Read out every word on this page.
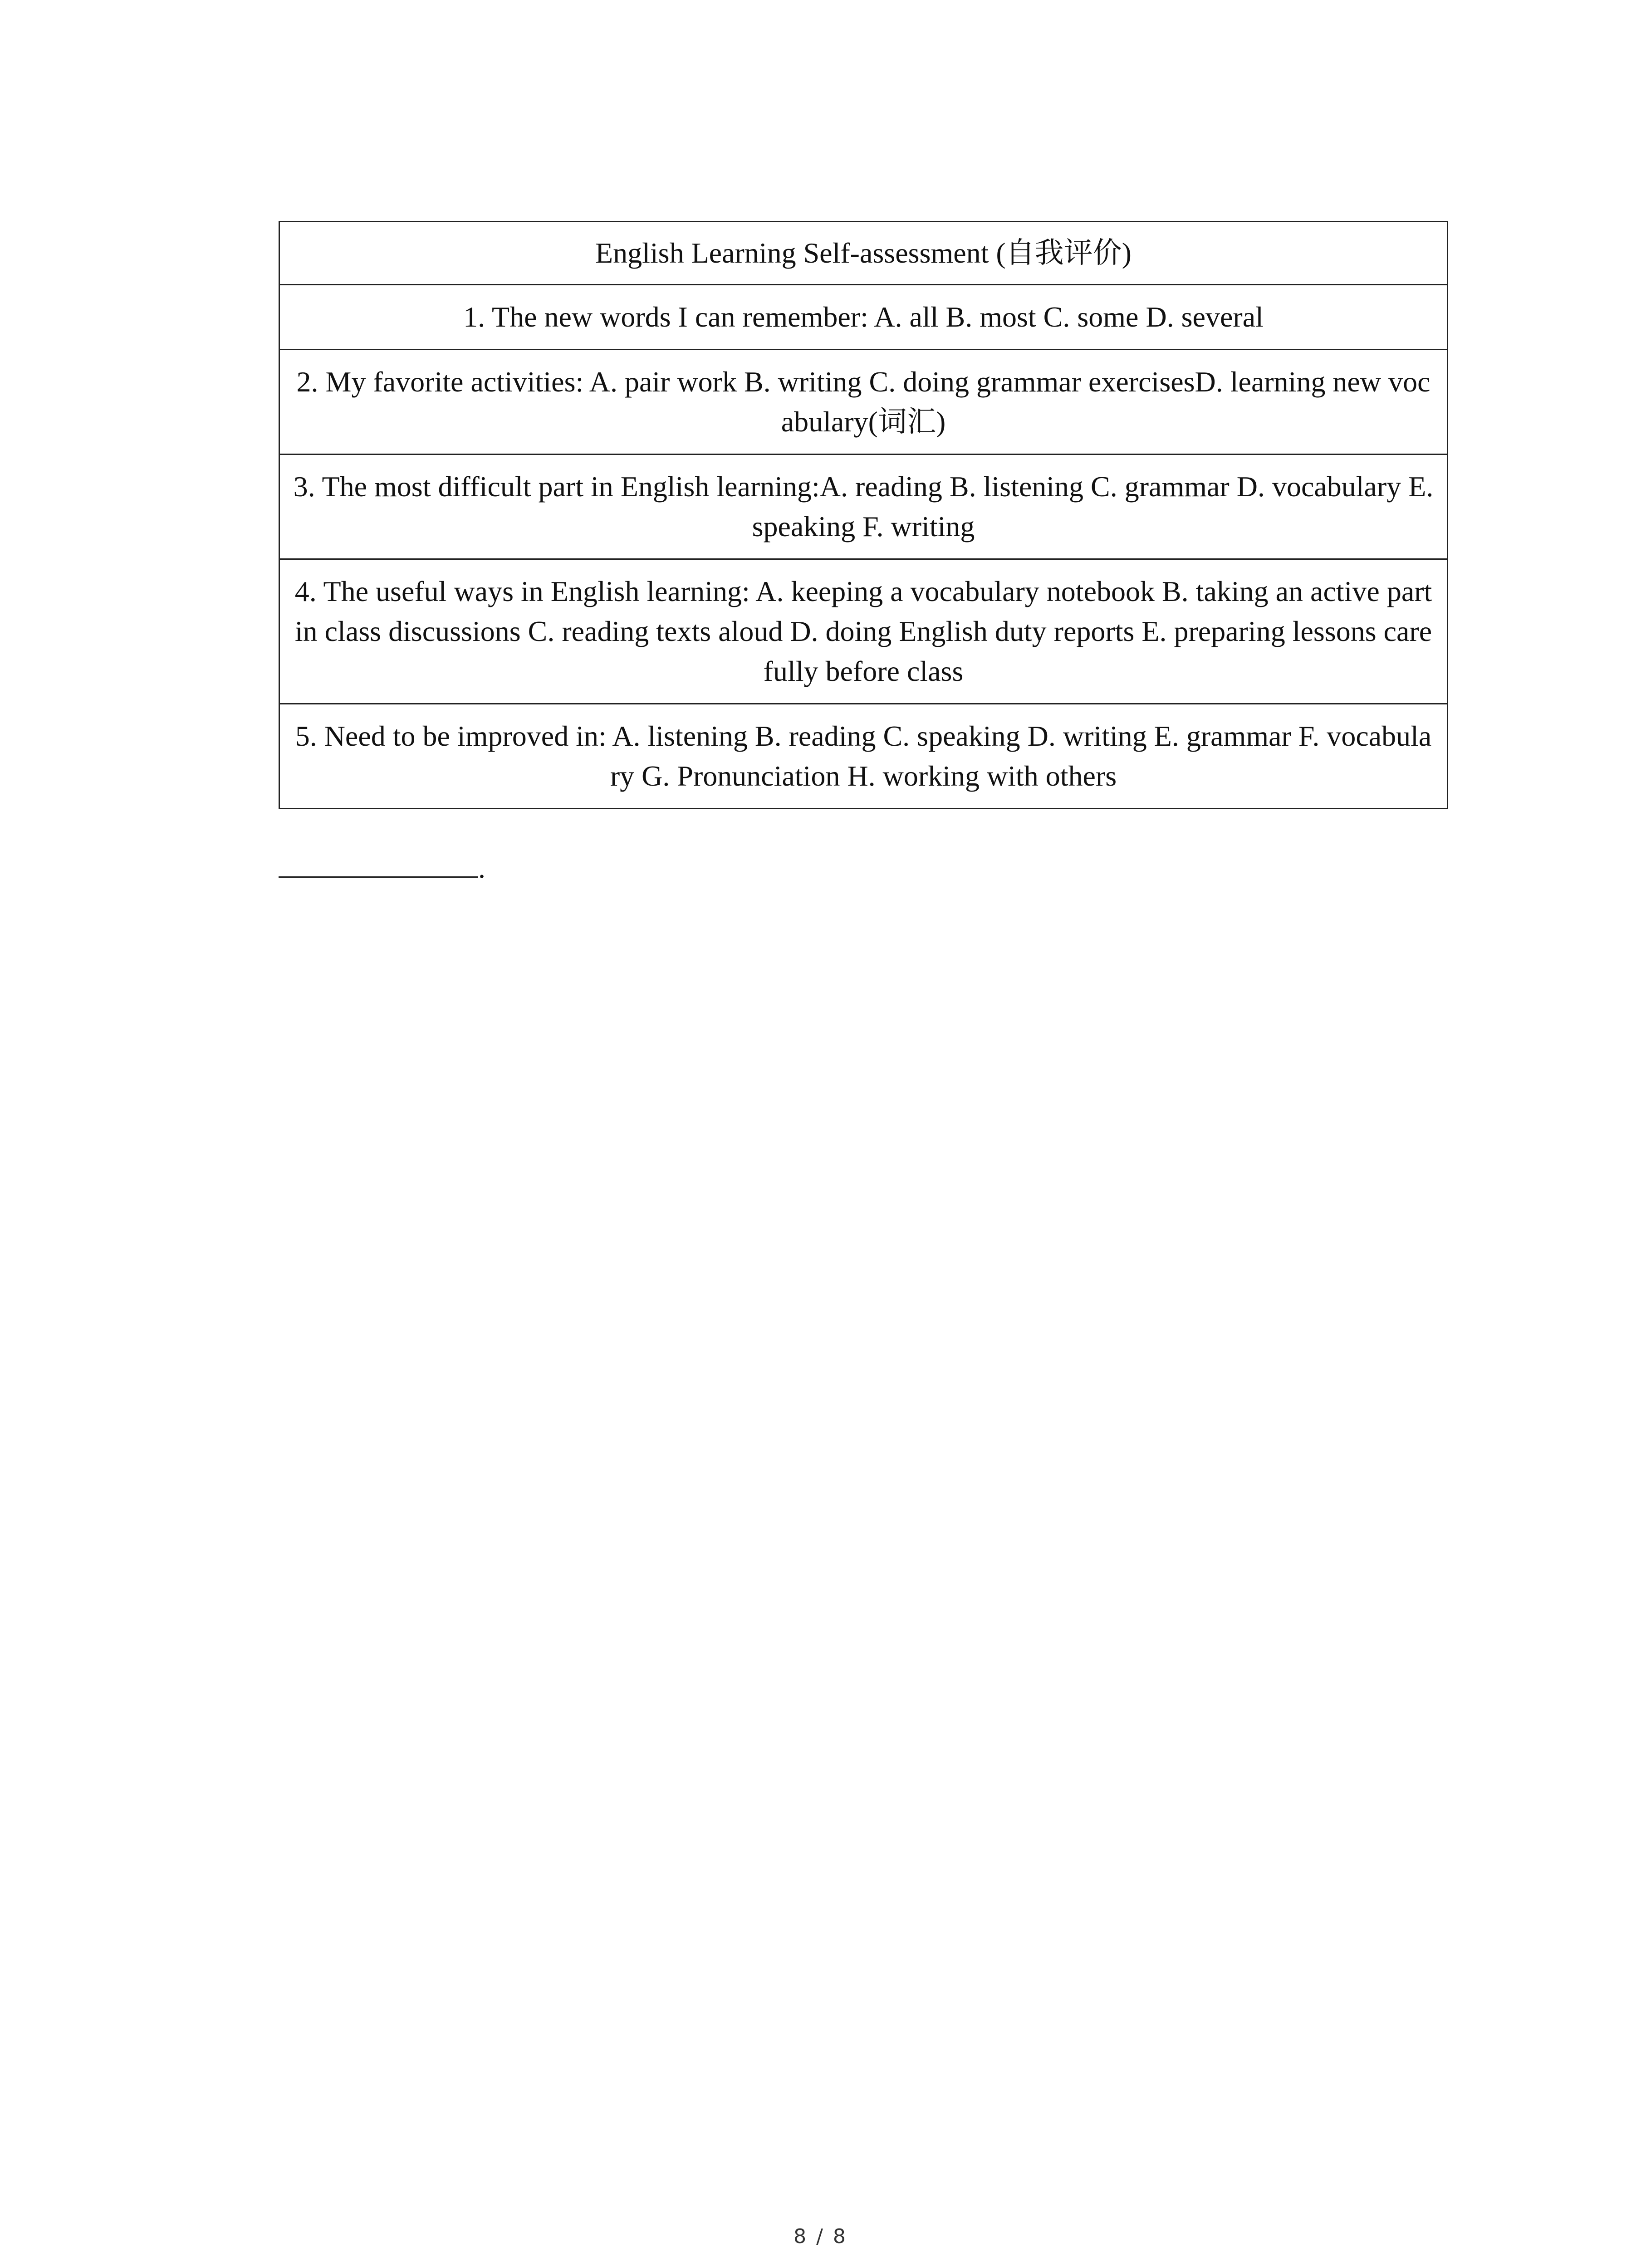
English Learning Self-assessment (自我评价)
1. The new words I can remember: A. all B. most C. some D. several
2. My favorite activities: A. pair work B. writing C. doing grammar exercisesD. learning new vocabulary(词汇)
3. The most difficult part in English learning:A. reading B. listening C. grammar D. vocabulary E. speaking F. writing
4. The useful ways in English learning: A. keeping a vocabulary notebook B. taking an active part in class discussions C. reading texts aloud D. doing English duty reports E. preparing lessons carefully before class
5. Need to be improved in: A. listening B. reading C. speaking D. writing E. grammar F. vocabulary G. Pronunciation H. working with others
.
8 / 8
